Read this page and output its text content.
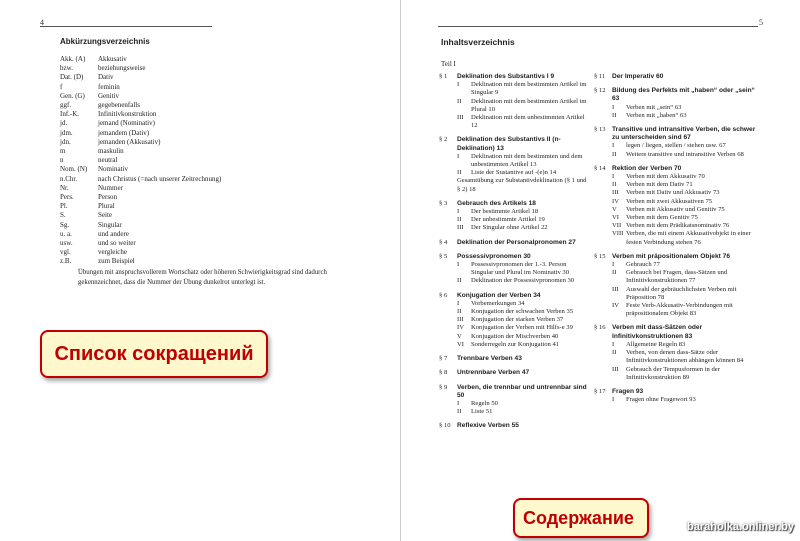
4
Abkürzungsverzeichnis
Akk. (A)	Akkusativ
bzw.	beziehungsweise
Dat. (D)	Dativ
f	feminin
Gen. (G)	Genitiv
ggf.	gegebenenfalls
Inf.-K.	Infinitivkonstruktion
jd.	jemand (Nominativ)
jdm.	jemandem (Dativ)
jdn.	jemanden (Akkusativ)
m	maskulin
n	neutral
Nom. (N)	Nominativ
n.Chr.	nach Christus (=nach unserer Zeitrechnung)
Nr.	Nummer
Pers.	Person
Pl.	Plural
S.	Seite
Sg.	Singular
u. a.	und andere
usw.	und so weiter
vgl.	vergleiche
z.B.	zum Beispiel
Übungen mit anspruchsvollerem Wortschatz oder höheren Schwierigkeitsgrad sind dadurch gekennzeichnet, dass die Nummer der Übung dunkelrot unterlegt ist.
5
Inhaltsverzeichnis
Teil I
§ 1	Deklination des Substantivs I 9
I	Deklination mit dem bestimmten Artikel im Singular 9
II	Deklination mit dem bestimmten Artikel im Plural 10
III	Deklination mit dem unbestimmten Artikel 12
§ 2	Deklination des Substantivs II (n-Deklination) 13
I	Deklination mit dem bestimmten und dem unbestimmten Artikel 13
II	Liste der Sustantive auf -(e)n 14
Gesamtübung zur Substantivdeklination (§ 1 und § 2) 18
§ 3	Gebrauch des Artikels 18
I	Der bestimmte Artikel 18
II	Der unbestimmte Artikel 19
III	Der Singular ohne Artikel 22
§ 4	Deklination der Personalpronomen 27
§ 5	Possessivpronomen 30
I	Possessivpronomen der 1.-3. Person Singular und Plural im Nominativ 30
II	Deklination der Possessivpronomen 30
§ 6	Konjugation der Verben 34
I	Vorbemerkungen 34
II	Konjugation der schwachen Verben 35
III	Konjugation der starken Verben 37
IV	Konjugation der Verben mit Hilfs-e 39
V	Konjugation der Mischverben 40
VI	Sonderregeln zur Konjugation 41
§ 7	Trennbare Verben 43
§ 8	Untrennbare Verben 47
§ 9	Verben, die trennbar und untrennbar sind 50
I	Regeln 50
II	Liste 51
§ 10 Reflexive Verben 55
§ 11	Der Imperativ 60
§ 12 Bildung des Perfekts mit „haben“ oder „sein“ 63
I	Verben mit „sein“ 63
II	Verben mit „haben“ 63
§ 13 Transitive und intransitive Verben, die schwer zu unterscheiden sind 67
I	legen / liegen, stellen / stehen usw. 67
II	Weitere transitive und intransitive Verben 68
§ 14 Rektion der Verben 70
I	Verben mit dem Akkusativ 70
II	Verben mit dem Dativ 71
III	Verben mit Dativ und Akkusativ 73
IV	Verben mit zwei Akkusativen 75
V	Verben mit Akkusativ und Genitiv 75
VI	Verben mit dem Genitiv 75
VII Verben mit dem Prädikatsnominativ 76
VIII Verben, die mit einem Akkusativobjekt in einer festen Verbindung stehen 76
§ 15 Verben mit präpositionalem Objekt 76
I	Gebrauch 77
II	Gebrauch bei Fragen, dass-Sätzen und Infinitivkonstruktionen 77
III	Auswahl der gebräuchlichsten Verben mit Präposition 78
IV	Feste Verb-Akkusativ-Verbindungen mit präpositionalem Objekt 83
§ 16 Verben mit dass-Sätzen oder Infinitivkonstruktionen 83
I	Allgemeine Regeln 83
II	Verben, von denen dass-Sätze oder Infinitivkonstruktionen abhängen können 84
III	Gebrauch der Tempusformen in der Infinitivkonstruktion 89
§ 17 Fragen 93
I	Fragen ohne Fragewort 93
Список сокращений
Содержание	baraholka.onliner.by
